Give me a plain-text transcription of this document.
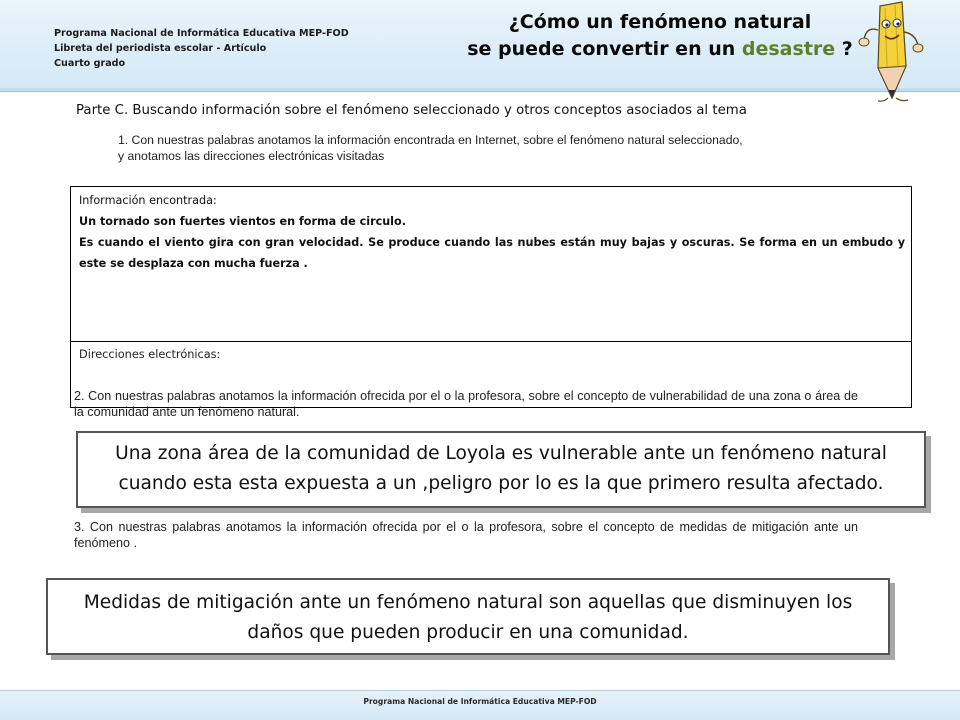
Programa Nacional de Informática Educativa MEP-FOD
Libreta del periodista escolar - Artículo
Cuarto grado
¿Cómo un fenómeno natural
se puede convertir en un desastre ?
Parte C. Buscando información sobre el fenómeno seleccionado y otros conceptos asociados al tema
1. Con nuestras palabras anotamos la información encontrada en Internet, sobre el fenómeno natural seleccionado,
y anotamos las direcciones electrónicas visitadas
Información encontrada:
Un tornado son fuertes vientos en forma de circulo.
Es cuando el viento gira con gran velocidad. Se produce cuando las nubes están muy bajas y oscuras. Se forma en un embudo y este se desplaza con mucha fuerza .
Direcciones electrónicas:
2. Con nuestras palabras anotamos la información ofrecida por el o la profesora, sobre el concepto de vulnerabilidad de una zona o área de la comunidad ante un fenómeno natural.
Una zona área de la comunidad de Loyola es vulnerable ante un fenómeno natural cuando esta esta expuesta a un ,peligro por lo es la que primero resulta afectado.
3. Con nuestras palabras anotamos la información ofrecida por el o la profesora, sobre el concepto de medidas de mitigación ante un fenómeno .
Medidas de mitigación ante un fenómeno natural son aquellas que disminuyen los daños que pueden producir en una comunidad.
Programa Nacional de Informática Educativa MEP-FOD
